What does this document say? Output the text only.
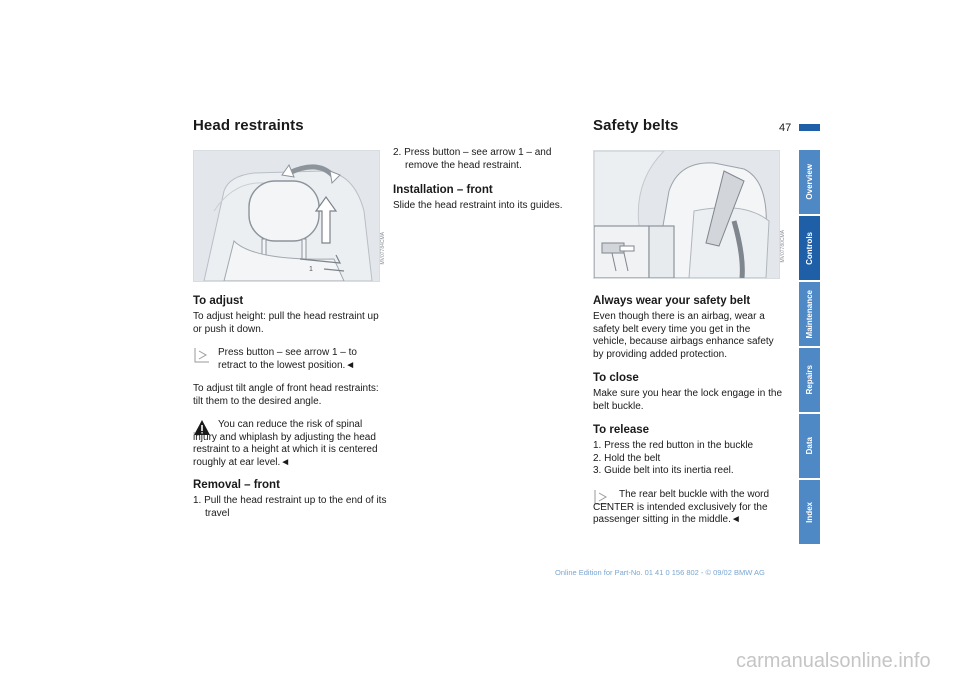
Head restraints
1
MV07784CMA
To adjust
To adjust height: pull the head restraint up or push it down.
Press button – see arrow 1 – to retract to the lowest position.◄
To adjust tilt angle of front head restraints: tilt them to the desired angle.
You can reduce the risk of spinal injury and whiplash by adjusting the head restraint to a height at which it is centered roughly at ear level.◄
Removal – front
1. Pull the head restraint up to the end of its travel
2. Press button – see arrow 1 – and remove the head restraint.
Installation – front
Slide the head restraint into its guides.
Safety belts	47
MV07780CMA
Always wear your safety belt
Even though there is an airbag, wear a safety belt every time you get in the vehicle, because airbags enhance safety by providing added protection.
To close
Make sure you hear the lock engage in the belt buckle.
To release
1. Press the red button in the buckle
2. Hold the belt
3. Guide belt into its inertia reel.
The rear belt buckle with the word CENTER is intended exclusively for the passenger sitting in the middle.◄
Overview
Controls
Maintenance
Repairs
Data
Index
Online Edition for Part-No. 01 41 0 156 802 - © 09/02 BMW AG
carmanualsonline.info
